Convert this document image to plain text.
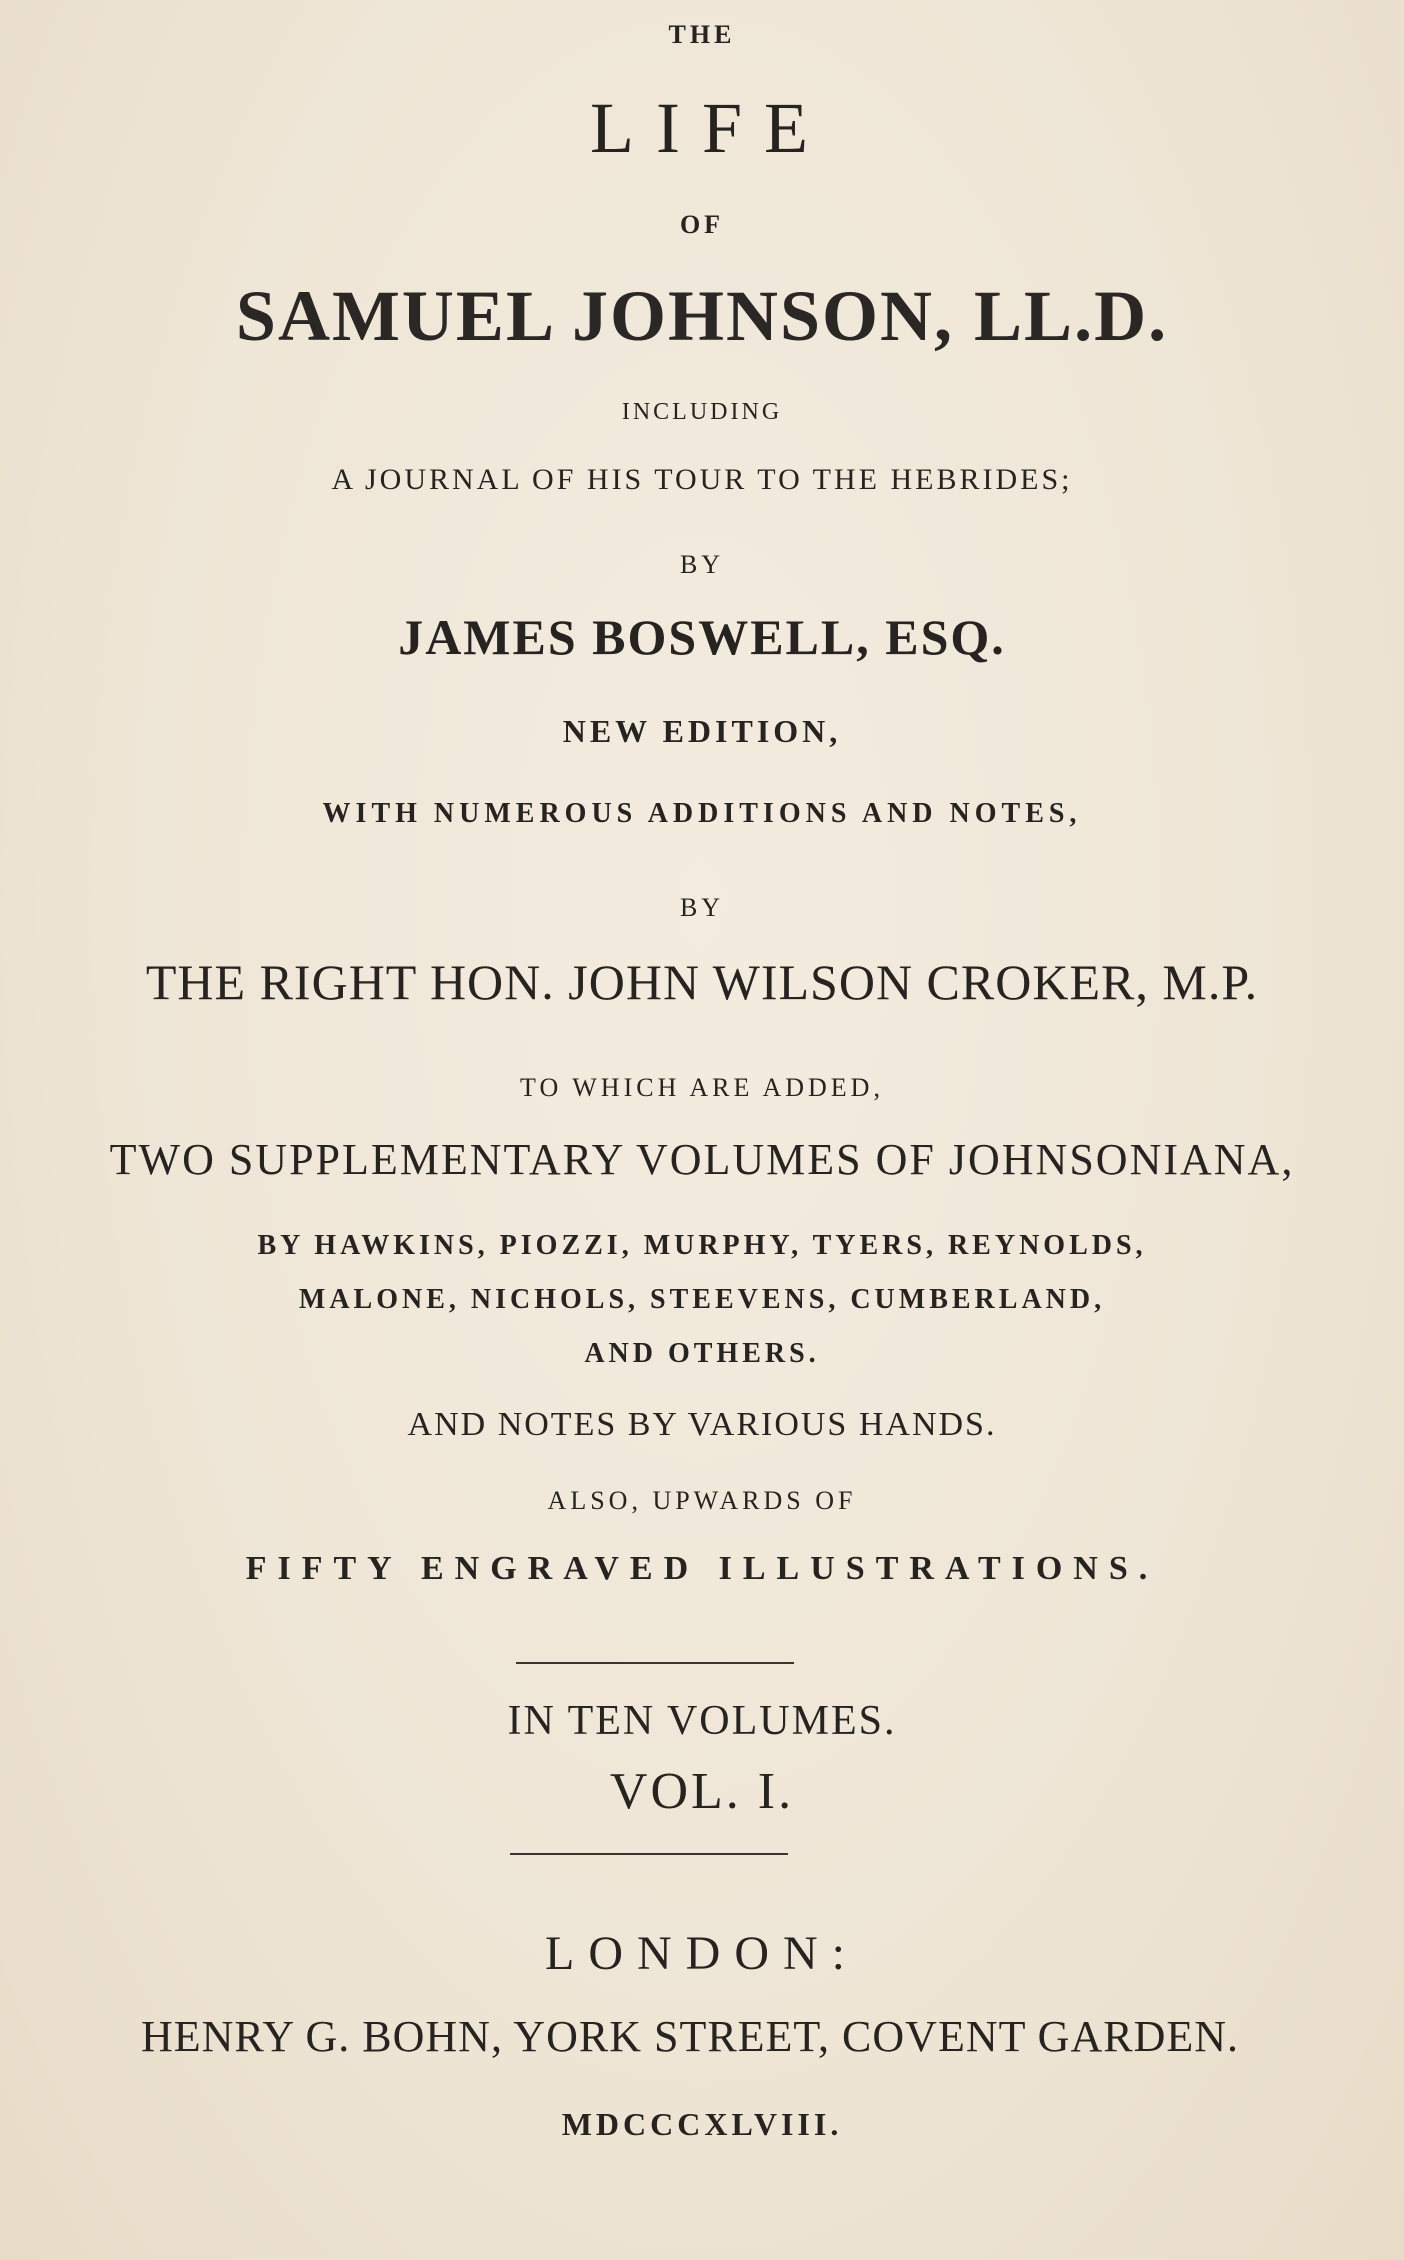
THE

LIFE

OF

SAMUEL JOHNSON, LL.D.

INCLUDING

A JOURNAL OF HIS TOUR TO THE HEBRIDES;

BY

JAMES BOSWELL, ESQ.

NEW EDITION,

WITH NUMEROUS ADDITIONS AND NOTES,

BY

THE RIGHT HON. JOHN WILSON CROKER, M.P.

TO WHICH ARE ADDED,

TWO SUPPLEMENTARY VOLUMES OF JOHNSONIANA,

BY HAWKINS, PIOZZI, MURPHY, TYERS, REYNOLDS,

MALONE, NICHOLS, STEEVENS, CUMBERLAND,

AND OTHERS.

AND NOTES BY VARIOUS HANDS.

ALSO, UPWARDS OF

FIFTY ENGRAVED ILLUSTRATIONS.

IN TEN VOLUMES.

VOL. I.

LONDON:

HENRY G. BOHN, YORK STREET, COVENT GARDEN.

MDCCCXLVIII.
